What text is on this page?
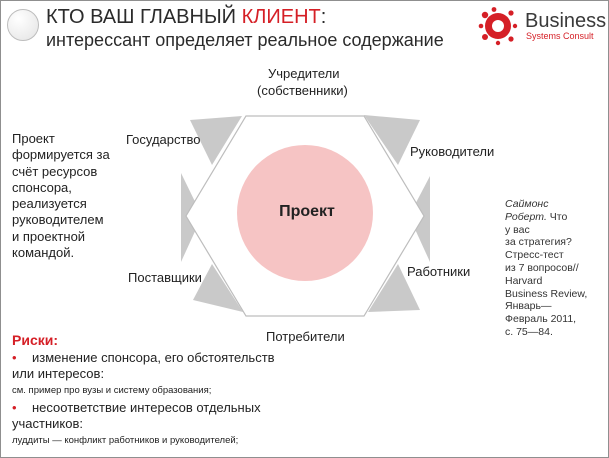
КТО ВАШ ГЛАВНЫЙ КЛИЕНТ:
интерессант определяет реальное содержание
Business
Systems Consult
Проект
Учредители
(собственники)
Государство
Руководители
Поставщики	Работники
Потребители
Проект
формируется за
счёт ресурсов
спонсора,
реализуется
руководителем
и проектной
командой.
Саймонс
Роберт. Что
у вас
за стратегия?
Стресс-тест
из 7 вопросов//
Harvard
Business Review,
Январь—
Февраль 2011,
с. 75—84.
Риски:
• изменение спонсора, его обстоятельств
или интересов:
см. пример про вузы и систему образования;
• несоответствие интересов отдельных
участников:
луддиты — конфликт работников и руководителей;
